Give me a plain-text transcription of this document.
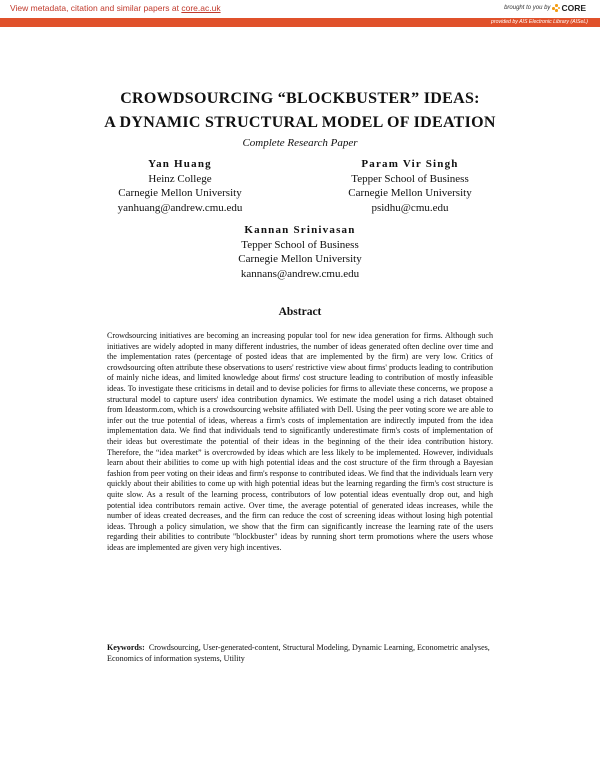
View metadata, citation and similar papers at core.ac.uk	brought to you by CORE
provided by AIS Electronic Library (AISeL)
CROWDSOURCING “BLOCKBUSTER” IDEAS:
A DYNAMIC STRUCTURAL MODEL OF IDEATION
Complete Research Paper
Yan Huang
Heinz College
Carnegie Mellon University
yanhuang@andrew.cmu.edu
Param Vir Singh
Tepper School of Business
Carnegie Mellon University
psidhu@cmu.edu
Kannan Srinivasan
Tepper School of Business
Carnegie Mellon University
kannans@andrew.cmu.edu
Abstract

Crowdsourcing initiatives are becoming an increasing popular tool for new idea generation for firms. Although such initiatives are widely adopted in many different industries, the number of ideas generated often decline over time and the implementation rates (percentage of posted ideas that are implemented by the firm) are very low. Critics of crowdsourcing often attribute these observations to users' restrictive view about firms' products leading to contribution of mainly niche ideas, and limited knowledge about firms' cost structure leading to contribution of mostly infeasible ideas. To investigate these criticisms in detail and to devise policies for firms to alleviate these concerns, we propose a structural model to capture users' idea contribution dynamics. We estimate the model using a rich dataset obtained from Ideastorm.com, which is a crowdsourcing website affiliated with Dell. Using the peer voting score we are able to infer out the true potential of ideas, whereas a firm's costs of implementation are indirectly imputed from the idea implementation data. We find that individuals tend to significantly underestimate firm's costs of implementation of their ideas but overestimate the potential of their ideas in the beginning of the their idea contribution history. Therefore, the “idea market” is overcrowded by ideas which are less likely to be implemented. However, individuals learn about their abilities to come up with high potential ideas and the cost structure of the firm through a Bayesian fashion from peer voting on their ideas and firm's response to contributed ideas. We find that the individuals learn very quickly about their abilities to come up with high potential ideas but the learning regarding the firm's cost structure is quite slow. As a result of the learning process, contributors of low potential ideas eventually drop out, and high potential idea contributors remain active. Over time, the average potential of generated ideas increases, while the number of ideas created decreases, and the firm can reduce the cost of screening ideas without losing high potential ideas. Through a policy simulation, we show that the firm can significantly increase the learning rate of the users regarding their abilities to contribute "blockbuster" ideas by running short term promotions where the users whose ideas are implemented are given very high incentives.

Keywords: Crowdsourcing, User-generated-content, Structural Modeling, Dynamic Learning, Econometric analyses, Economics of information systems, Utility
